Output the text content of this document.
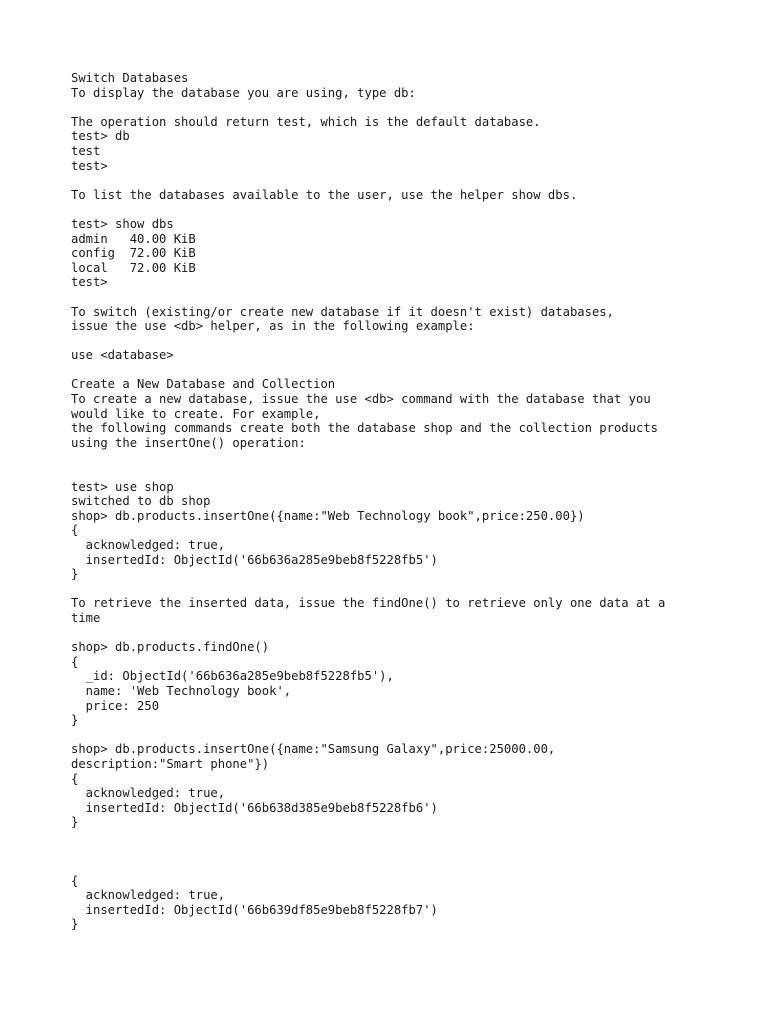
Switch Databases
To display the database you are using, type db:
The operation should return test, which is the default database.
test> db
test
test>
To list the databases available to the user, use the helper show dbs.
test> show dbs
admin   40.00 KiB
config  72.00 KiB
local   72.00 KiB
test>
To switch (existing/or create new database if it doesn't exist) databases,
issue the use <db> helper, as in the following example:
use <database>
Create a New Database and Collection
To create a new database, issue the use <db> command with the database that you
would like to create. For example,
the following commands create both the database shop and the collection products
using the insertOne() operation:
test> use shop
switched to db shop
shop> db.products.insertOne({name:"Web Technology book",price:250.00})
{
acknowledged: true,
insertedId: ObjectId('66b636a285e9beb8f5228fb5')
}
To retrieve the inserted data, issue the findOne() to retrieve only one data at a
time
shop> db.products.findOne()
{
_id: ObjectId('66b636a285e9beb8f5228fb5'),
name: 'Web Technology book',
price: 250
}
shop> db.products.insertOne({name:"Samsung Galaxy",price:25000.00,
description:"Smart phone"})
{
acknowledged: true,
insertedId: ObjectId('66b638d385e9beb8f5228fb6')
}
{
acknowledged: true,
insertedId: ObjectId('66b639df85e9beb8f5228fb7')
}
